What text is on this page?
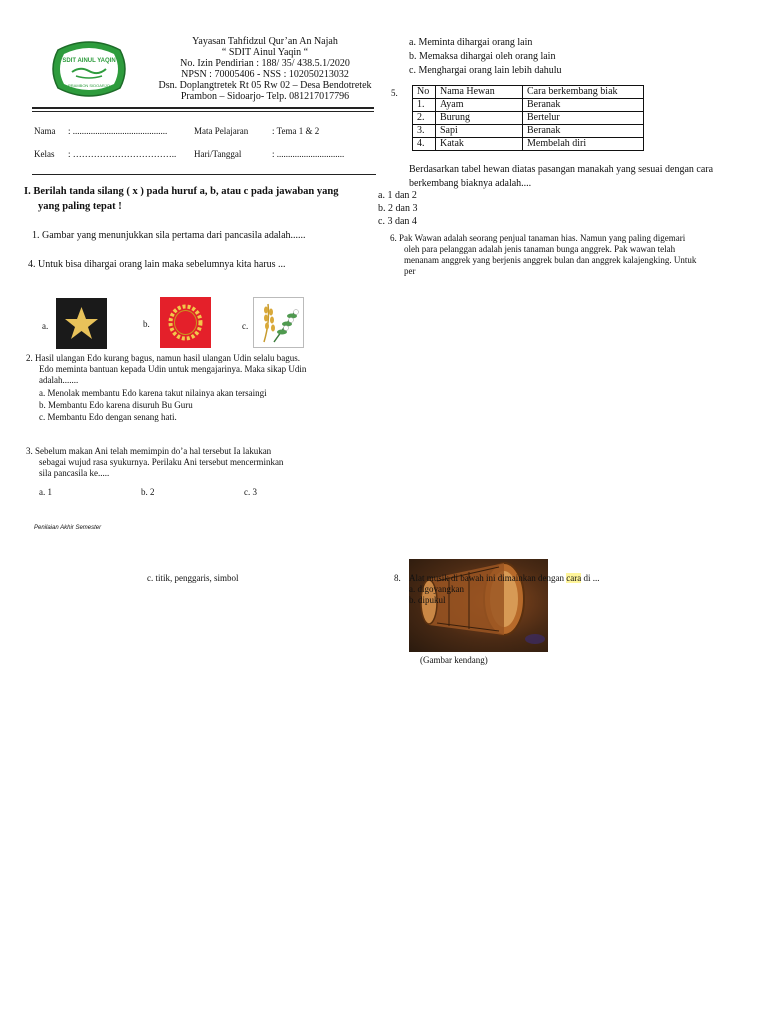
SDIT AINUL YAQIN
PRAMBON SIDOARJO
Yayasan Tahfidzul Qur’an An Najah
“ SDIT Ainul Yaqin “
No. Izin Pendirian : 188/ 35/ 438.5.1/2020
NPSN : 70005406 - NSS : 102050213032
Dsn. Doplangtretek Rt 05 Rw 02 – Desa Bendotretek
Prambon – Sidoarjo- Telp. 081217017796
Nama : ..........................................	Mata Pelajaran	: Tema 1 & 2
Kelas : …………………………….. Hari/Tanggal	: ..............................
I. Berilah tanda silang ( x ) pada huruf a, b, atau c pada jawaban yang
yang paling tepat !
1. Gambar yang menunjukkan sila pertama dari pancasila adalah......
4. Untuk bisa dihargai orang lain maka sebelumnya kita harus ...
a.	b.	c.
2. Hasil ulangan Edo kurang bagus, namun hasil ulangan Udin selalu bagus.
Edo meminta bantuan kepada Udin untuk mengajarinya. Maka sikap Udin
adalah.......
a. Menolak membantu Edo karena takut nilainya akan tersaingi
b. Membantu Edo karena disuruh Bu Guru
c. Membantu Edo dengan senang hati.
3. Sebelum makan Ani telah memimpin do’a hal tersebut Ia lakukan
sebagai wujud rasa syukurnya. Perilaku Ani tersebut mencerminkan
sila pancasila ke.....
a. 1	b. 2	c. 3
Penilaian Akhir Semester
c. titik, penggaris, simbol
a. Meminta dihargai orang lain
b. Memaksa dihargai oleh orang lain
c. Menghargai orang lain lebih dahulu
5. No	Nama Hewan	Cara berkembang biak
1.	Ayam	Beranak
2.	Burung	Bertelur
3.	Sapi	Beranak
4.	Katak	Membelah diri
Berdasarkan tabel hewan diatas pasangan manakah yang sesuai dengan cara
berkembang biaknya adalah....
a. 1 dan 2
b. 2 dan 3
c. 3 dan 4
6. Pak Wawan adalah seorang penjual tanaman hias. Namun yang paling digemari
oleh para pelanggan adalah jenis tanaman bunga anggrek. Pak wawan telah
menanam anggrek yang berjenis anggrek bulan dan anggrek kalajengking. Untuk
per
8. Alat musik di bawah ini dimainkan dengan cara di ...
a. digoyangkan
b. dipukul
(Gambar kendang)
